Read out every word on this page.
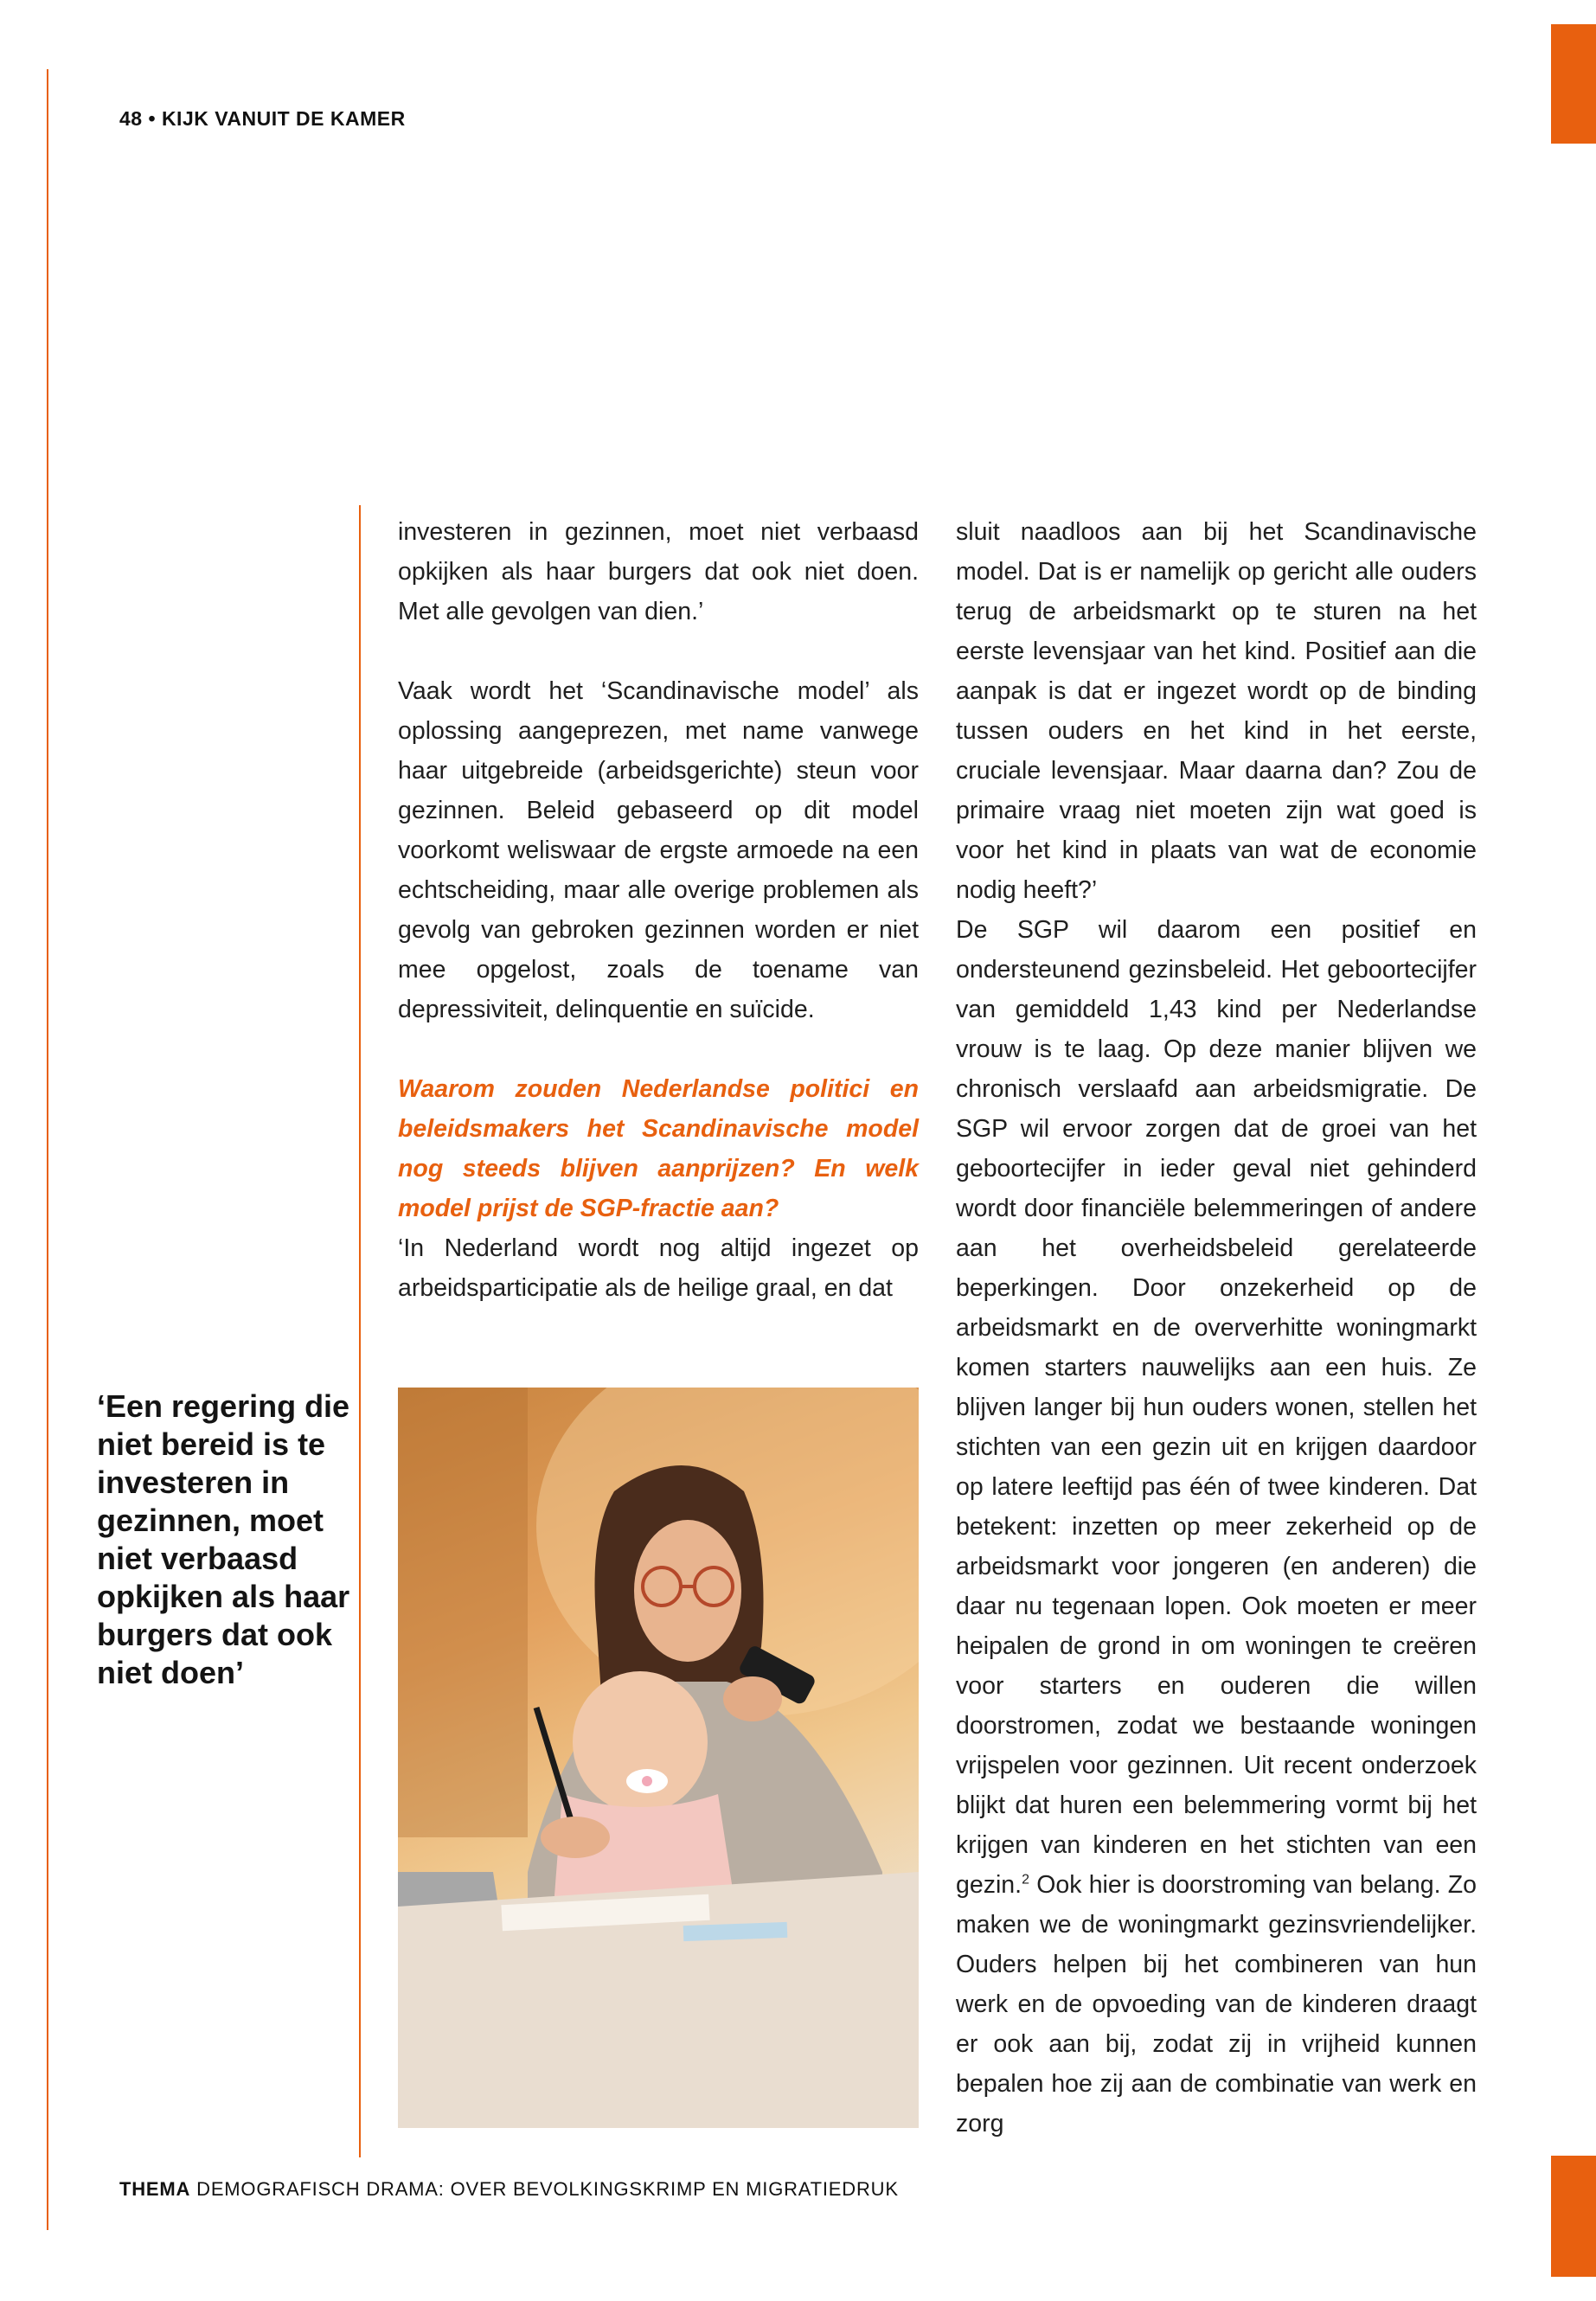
48 • KIJK VANUIT DE KAMER
‘Een regering die niet bereid is te investeren in gezinnen, moet niet verbaasd opkijken als haar burgers dat ook niet doen’

investeren in gezinnen, moet niet verbaasd opkijken als haar burgers dat ook niet doen. Met alle gevolgen van dien.’

Vaak wordt het ‘Scandinavische model’ als oplossing aangeprezen, met name vanwege haar uitgebreide (arbeidsgerichte) steun voor gezinnen. Beleid gebaseerd op dit model voorkomt weliswaar de ergste armoede na een echtscheiding, maar alle overige problemen als gevolg van gebroken gezinnen worden er niet mee opgelost, zoals de toename van depressiviteit, delinquentie en suïcide.

Waarom zouden Nederlandse politici en beleidsmakers het Scandinavische model nog steeds blijven aanprijzen? En welk model prijst de SGP-fractie aan?

‘In Nederland wordt nog altijd ingezet op arbeidsparticipatie als de heilige graal, en dat

sluit naadloos aan bij het Scandinavische model. Dat is er namelijk op gericht alle ouders terug de arbeidsmarkt op te sturen na het eerste levensjaar van het kind. Positief aan die aanpak is dat er ingezet wordt op de binding tussen ouders en het kind in het eerste, cruciale levensjaar. Maar daarna dan? Zou de primaire vraag niet moeten zijn wat goed is voor het kind in plaats van wat de economie nodig heeft?’

De SGP wil daarom een positief en ondersteunend gezinsbeleid. Het geboortecijfer van gemiddeld 1,43 kind per Nederlandse vrouw is te laag. Op deze manier blijven we chronisch verslaafd aan arbeidsmigratie. De SGP wil ervoor zorgen dat de groei van het geboortecijfer in ieder geval niet gehinderd wordt door financiële belemmeringen of andere aan het overheidsbeleid gerelateerde beperkingen. Door onzekerheid op de arbeidsmarkt en de oververhitte woningmarkt komen starters nauwelijks aan een huis. Ze blijven langer bij hun ouders wonen, stellen het stichten van een gezin uit en krijgen daardoor op latere leeftijd pas één of twee kinderen. Dat betekent: inzetten op meer zekerheid op de arbeidsmarkt voor jongeren (en anderen) die daar nu tegenaan lopen. Ook moeten er meer heipalen de grond in om woningen te creëren voor starters en ouderen die willen doorstromen, zodat we bestaande woningen vrijspelen voor gezinnen. Uit recent onderzoek blijkt dat huren een belemmering vormt bij het krijgen van kinderen en het stichten van een gezin.$^2$ Ook hier is doorstroming van belang. Zo maken we de woningmarkt gezinsvriendelijker. Ouders helpen bij het combineren van hun werk en de opvoeding van de kinderen draagt er ook aan bij, zodat zij in vrijheid kunnen bepalen hoe zij aan de combinatie van werk en zorg

THEMA DEMOGRAFISCH DRAMA: OVER BEVOLKINGSKRIMP EN MIGRATIEDRUK
